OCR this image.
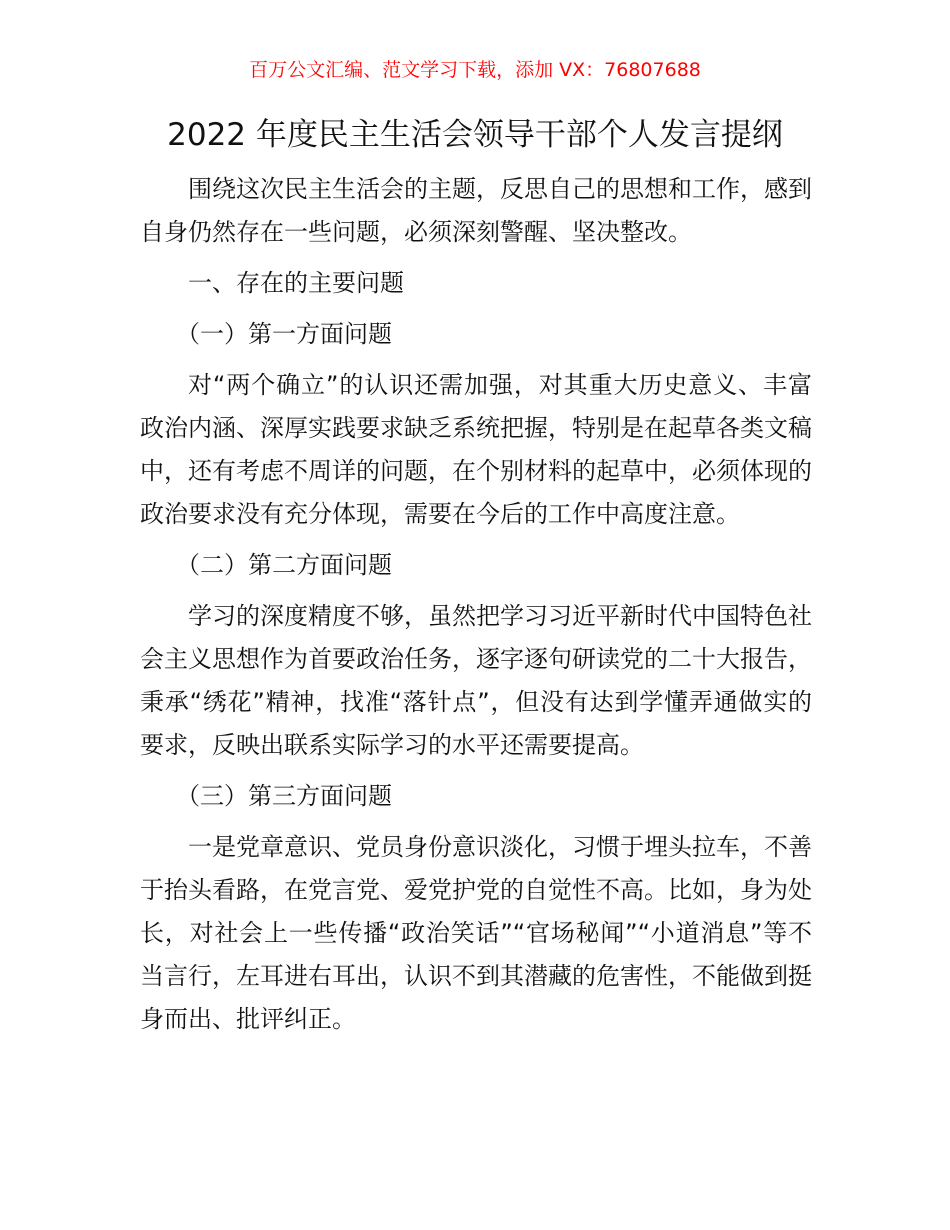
百万公文汇编、范文学习下载，添加 VX：76807688
2022 年度民主生活会领导干部个人发言提纲

围绕这次民主生活会的主题，反思自己的思想和工作，感到自身仍然存在一些问题，必须深刻警醒、坚决整改。

一、存在的主要问题

（一）第一方面问题

对“两个确立”的认识还需加强，对其重大历史意义、丰富政治内涵、深厚实践要求缺乏系统把握，特别是在起草各类文稿中，还有考虑不周详的问题，在个别材料的起草中，必须体现的政治要求没有充分体现，需要在今后的工作中高度注意。

（二）第二方面问题

学习的深度精度不够，虽然把学习习近平新时代中国特色社会主义思想作为首要政治任务，逐字逐句研读党的二十大报告，秉承“绣花”精神，找准“落针点”，但没有达到学懂弄通做实的要求，反映出联系实际学习的水平还需要提高。

（三）第三方面问题

一是党章意识、党员身份意识淡化，习惯于埋头拉车，不善于抬头看路，在党言党、爱党护党的自觉性不高。比如，身为处长，对社会上一些传播“政治笑话”“官场秘闻”“小道消息”等不当言行，左耳进右耳出，认识不到其潜藏的危害性，不能做到挺身而出、批评纠正。
